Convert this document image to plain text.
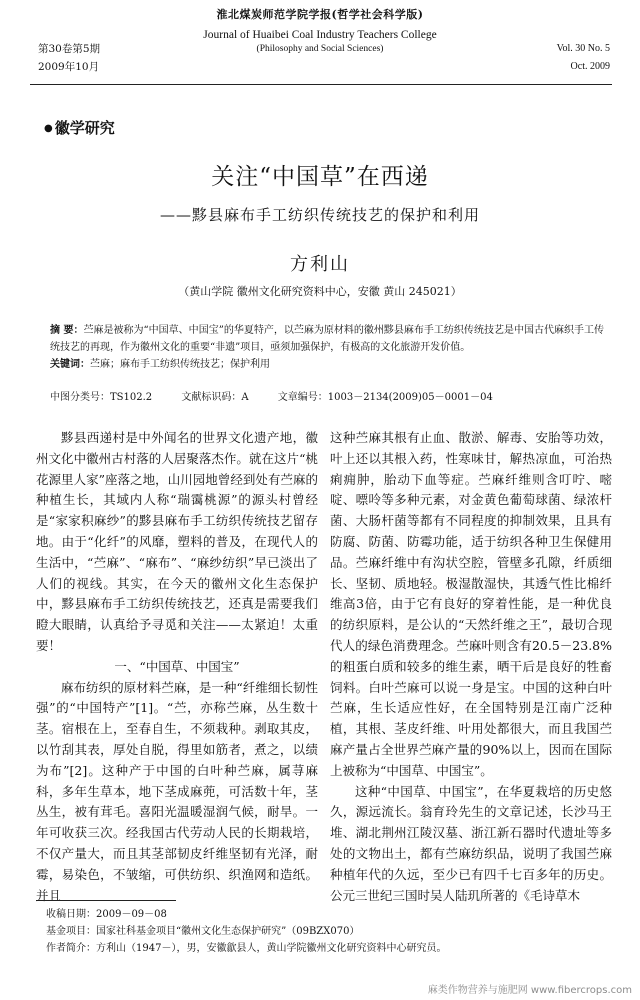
淮北煤炭师范学院学报(哲学社会科学版)
Journal of Huaibei Coal Industry Teachers College
(Philosophy and Social Sciences)
第30卷第5期
2009年10月
Vol. 30 No. 5
Oct. 2009
● 徽学研究
关注“中国草”在西递
——黟县麻布手工纺织传统技艺的保护和利用
方利山
（黄山学院 徽州文化研究资料中心，安徽 黄山 245021）

摘 要：苎麻是被称为“中国草、中国宝”的华夏特产，以苎麻为原材料的徽州黟县麻布手工纺织传统技艺是中国古代麻织手工传统技艺的再现，作为徽州文化的重要“非遗”项目，亟须加强保护，有极高的文化旅游开发价值。

关键词：苎麻；麻布手工纺织传统技艺；保护利用

中图分类号：TS102.2	文献标识码：A	文章编号：1003－2134(2009)05－0001－04

黟县西递村是中外闻名的世界文化遗产地，徽州文化中徽州古村落的人居聚落杰作。就在这片“桃花源里人家”座落之地，山川园地曾经到处有苎麻的种植生长，其域内人称“瑞霭桃源”的源头村曾经是“家家积麻纱”的黟县麻布手工纺织传统技艺留存地。由于“化纤”的风靡，塑料的普及，在现代人的生活中，“苎麻”、“麻布”、“麻纱纺织”早已淡出了人们的视线。其实，在今天的徽州文化生态保护中，黟县麻布手工纺织传统技艺，还真是需要我们瞪大眼睛，认真给予寻觅和关注——太紧迫！太重要！

一、“中国草、中国宝”

麻布纺织的原材料苎麻，是一种“纤维细长韧性强”的“中国特产”[1]。“苎，亦称苎麻，丛生数十茎。宿根在上，至春自生，不须栽种。剥取其皮，以竹刮其表，厚处自脱，得里如筋者，煮之，以绩为布”[2]。这种产于中国的白叶种苎麻，属荨麻科，多年生草本，地下茎成麻蔸，可活数十年，茎丛生，被有茸毛。喜阳光温暖湿润气候，耐旱。一年可收获三次。经我国古代劳动人民的长期栽培，不仅产量大，而且其茎部韧皮纤维坚韧有光泽，耐霉，易染色，不皱缩，可供纺织、织渔网和造纸。并且

这种苎麻其根有止血、散淤、解毒、安胎等功效，叶上还以其根入药，性寒味甘，解热凉血，可治热痢痈肿，胎动下血等症。苎麻纤维则含叮咛、嘧啶、嘌呤等多种元素，对金黄色葡萄球菌、绿浓杆菌、大肠杆菌等都有不同程度的抑制效果，且具有防腐、防菌、防霉功能，适于纺织各种卫生保健用品。苎麻纤维中有沟状空腔，管壁多孔隙，纤质细长、坚韧、质地轻。极湿散湿快，其透气性比棉纤维高3倍，由于它有良好的穿着性能，是一种优良的纺织原料，是公认的“天然纤维之王”，最切合现代人的绿色消费理念。苎麻叶则含有20.5－23.8%的粗蛋白质和较多的维生素，晒干后是良好的牲畜饲料。白叶苎麻可以说一身是宝。中国的这种白叶苎麻，生长适应性好，在全国特别是江南广泛种植，其根、茎皮纤维、叶用处都很大，而且我国苎麻产量占全世界苎麻产量的90%以上，因而在国际上被称为“中国草、中国宝”。

这种“中国草、中国宝”，在华夏栽培的历史悠久，源远流长。翁育玲先生的文章记述，长沙马王堆、湖北荆州江陵汉墓、浙江新石器时代遗址等多处的文物出土，都有苎麻纺织品，说明了我国苎麻种植年代的久远，至少已有四千七百多年的历史。公元三世纪三国时吴人陆玑所著的《毛诗草木

收稿日期：2009－09－08
基金项目：国家社科基金项目“徽州文化生态保护研究”（09BZX070）
作者简介：方利山（1947－），男，安徽歙县人，黄山学院徽州文化研究资料中心研究员。
麻类作物营养与施肥网 www.fibercrops.com
